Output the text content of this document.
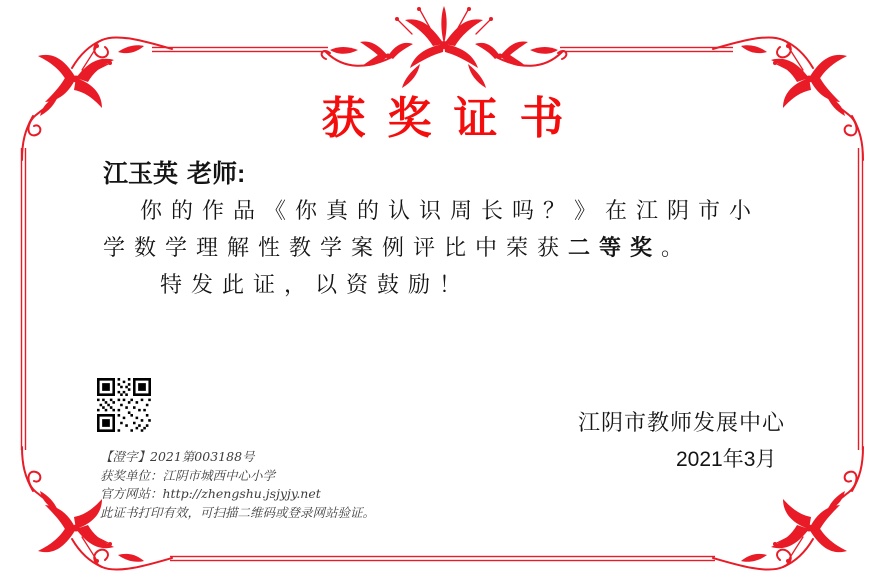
获奖证书
江玉英 老师:
你的作品《你真的认识周长吗？》在江阴市小
学数学理解性教学案例评比中荣获二等奖。
特发此证，以资鼓励！
江阴市教师发展中心
2021年3月
【澄字】2021第003188号
获奖单位：江阴市城西中心小学
官方网站：http://zhengshu.jsjyjy.net
此证书打印有效，可扫描二维码或登录网站验证。
